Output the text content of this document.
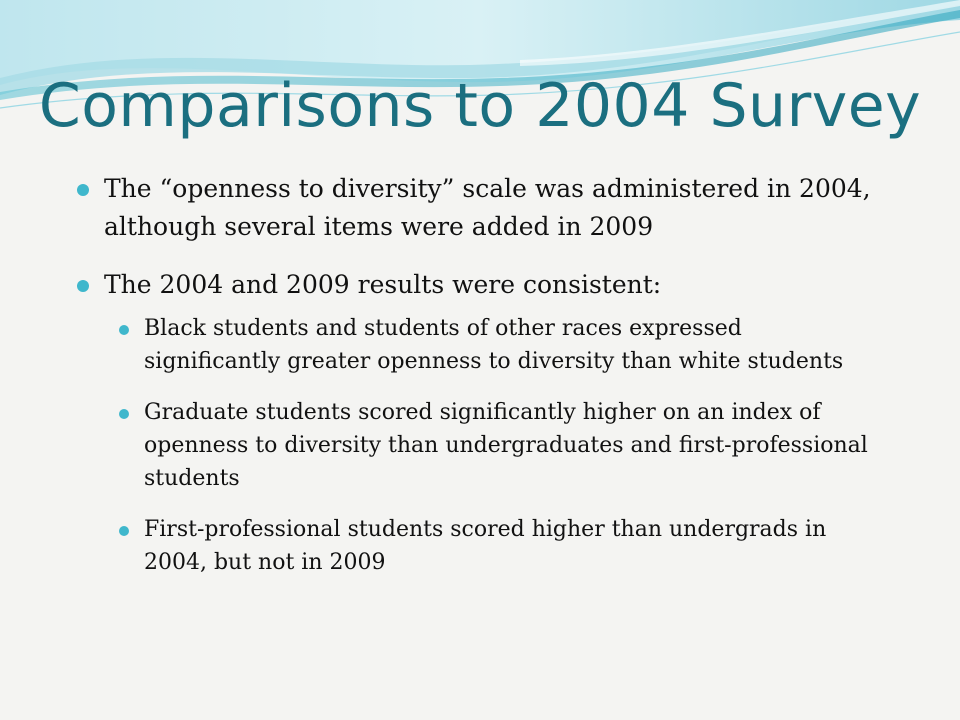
Comparisons to 2004 Survey
The “openness to diversity” scale was administered in 2004, although several items were added in 2009
The 2004 and 2009 results were consistent:
Black students and students of other races expressed significantly greater openness to diversity than white students
Graduate students scored significantly higher on an index of openness to diversity than undergraduates and first-professional students
First-professional students scored higher than undergrads in 2004, but not in 2009
